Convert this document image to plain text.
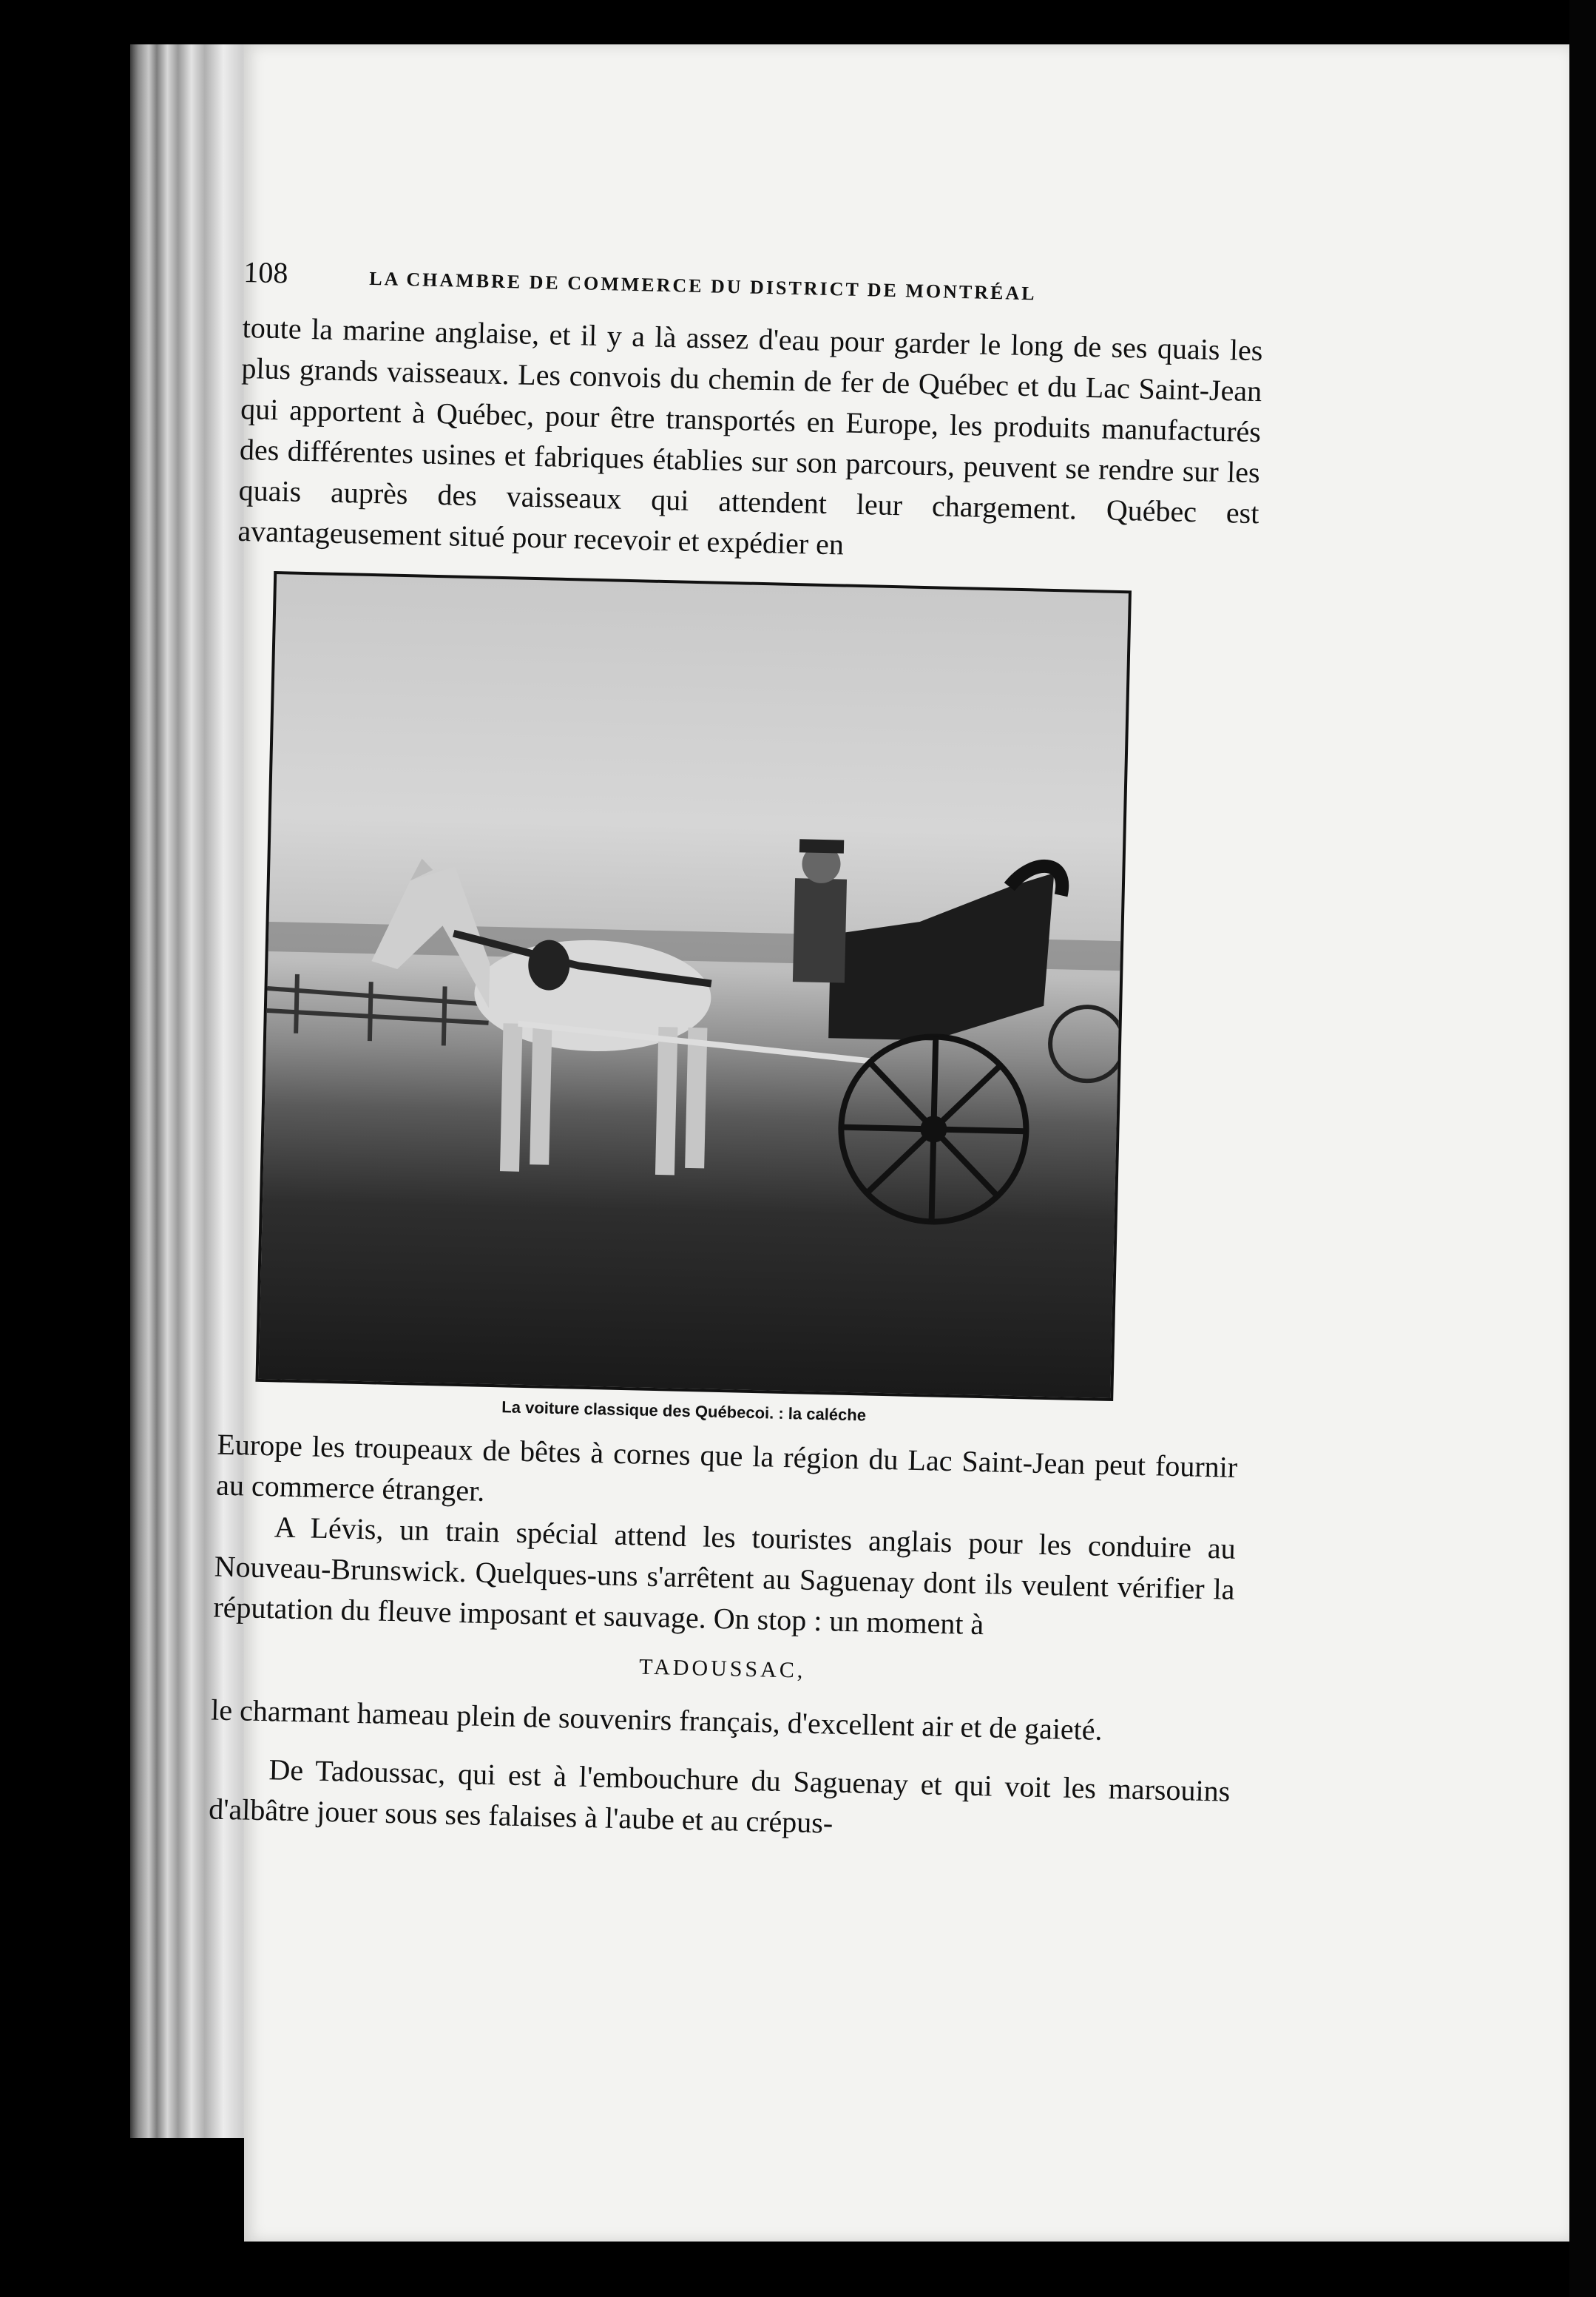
108	LA CHAMBRE DE COMMERCE DU DISTRICT DE MONTRÉAL

toute la marine anglaise, et il y a là assez d'eau pour garder le long de ses quais les plus grands vaisseaux. Les convois du chemin de fer de Québec et du Lac Saint-Jean qui apportent à Québec, pour être transportés en Europe, les produits manufacturés des différentes usines et fabriques établies sur son parcours, peuvent se rendre sur les quais auprès des vaisseaux qui attendent leur chargement. Québec est avantageusement situé pour recevoir et expédier en

La voiture classique des Québecoi. : la caléche

Europe les troupeaux de bêtes à cornes que la région du Lac Saint-Jean peut fournir au commerce étranger.

A Lévis, un train spécial attend les touristes anglais pour les conduire au Nouveau-Brunswick. Quelques-uns s'arrêtent au Saguenay dont ils veulent vérifier la réputation du fleuve imposant et sauvage. On stop : un moment à

TADOUSSAC,

le charmant hameau plein de souvenirs français, d'excellent air et de gaieté.

De Tadoussac, qui est à l'embouchure du Saguenay et qui voit les marsouins d'albâtre jouer sous ses falaises à l'aube et au crépus-
